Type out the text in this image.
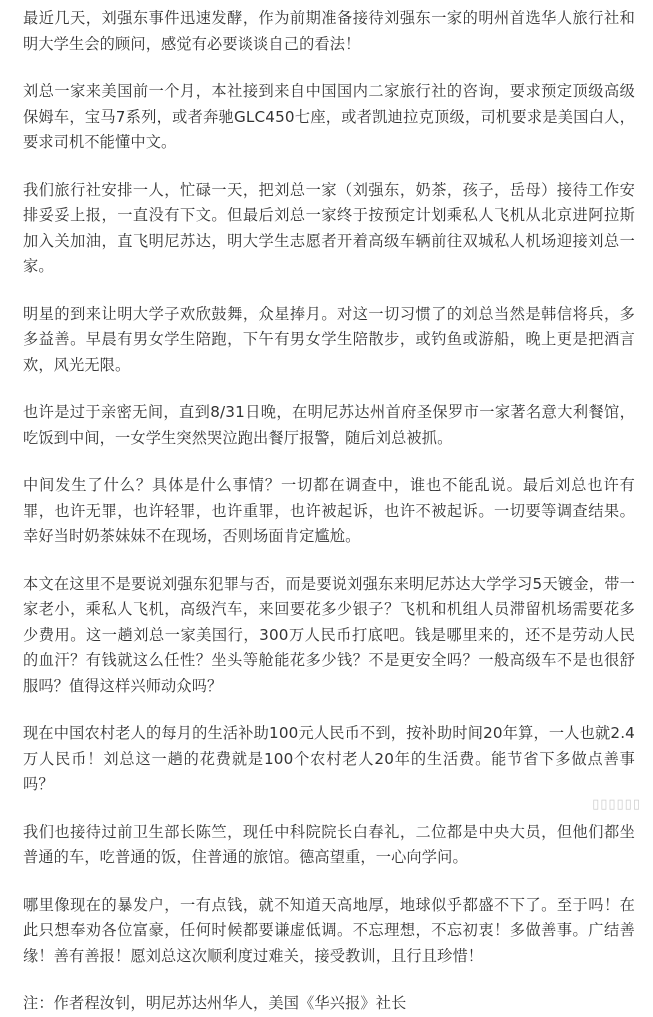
最近几天，刘强东事件迅速发酵，作为前期准备接待刘强东一家的明州首选华人旅行社和明大学生会的顾问，感觉有必要谈谈自己的看法！

刘总一家来美国前一个月，本社接到来自中国国内二家旅行社的咨询，要求预定顶级高级保姆车，宝马7系列，或者奔驰GLC450七座，或者凯迪拉克顶级，司机要求是美国白人，要求司机不能懂中文。

我们旅行社安排一人，忙碌一天，把刘总一家（刘强东，奶茶，孩子，岳母）接待工作安排妥妥上报，一直没有下文。但最后刘总一家终于按预定计划乘私人飞机从北京进阿拉斯加入关加油，直飞明尼苏达，明大学生志愿者开着高级车辆前往双城私人机场迎接刘总一家。

明星的到来让明大学子欢欣鼓舞，众星捧月。对这一切习惯了的刘总当然是韩信将兵，多多益善。早晨有男女学生陪跑，下午有男女学生陪散步，或钓鱼或游船，晚上更是把酒言欢，风光无限。

也许是过于亲密无间，直到8/31日晚，在明尼苏达州首府圣保罗市一家著名意大利餐馆，吃饭到中间，一女学生突然哭泣跑出餐厅报警，随后刘总被抓。

中间发生了什么？具体是什么事情？一切都在调查中，谁也不能乱说。最后刘总也许有罪，也许无罪，也许轻罪，也许重罪，也许被起诉，也许不被起诉。一切要等调查结果。幸好当时奶茶妹妹不在现场，否则场面肯定尴尬。

本文在这里不是要说刘强东犯罪与否，而是要说刘强东来明尼苏达大学学习5天镀金，带一家老小，乘私人飞机，高级汽车，来回要花多少银子？飞机和机组人员滞留机场需要花多少费用。这一趟刘总一家美国行，300万人民币打底吧。钱是哪里来的，还不是劳动人民的血汗？有钱就这么任性？坐头等舱能花多少钱？不是更安全吗？一般高级车不是也很舒服吗？值得这样兴师动众吗？

现在中国农村老人的每月的生活补助100元人民币不到，按补助时间20年算，一人也就2.4万人民币！刘总这一趟的花费就是100个农村老人20年的生活费。能节省下多做点善事吗？

我们也接待过前卫生部长陈竺，现任中科院院长白春礼，二位都是中央大员，但他们都坐普通的车，吃普通的饭，住普通的旅馆。德高望重，一心向学问。

哪里像现在的暴发户，一有点钱，就不知道天高地厚，地球似乎都盛不下了。至于吗！在此只想奉劝各位富豪，任何时候都要谦虚低调。不忘理想，不忘初衷！多做善事。广结善缘！善有善报！愿刘总这次顺利度过难关，接受教训，且行且珍惜！

注：作者程汝钊，明尼苏达州华人，美国《华兴报》社长

▯▯▯▯▯▯
